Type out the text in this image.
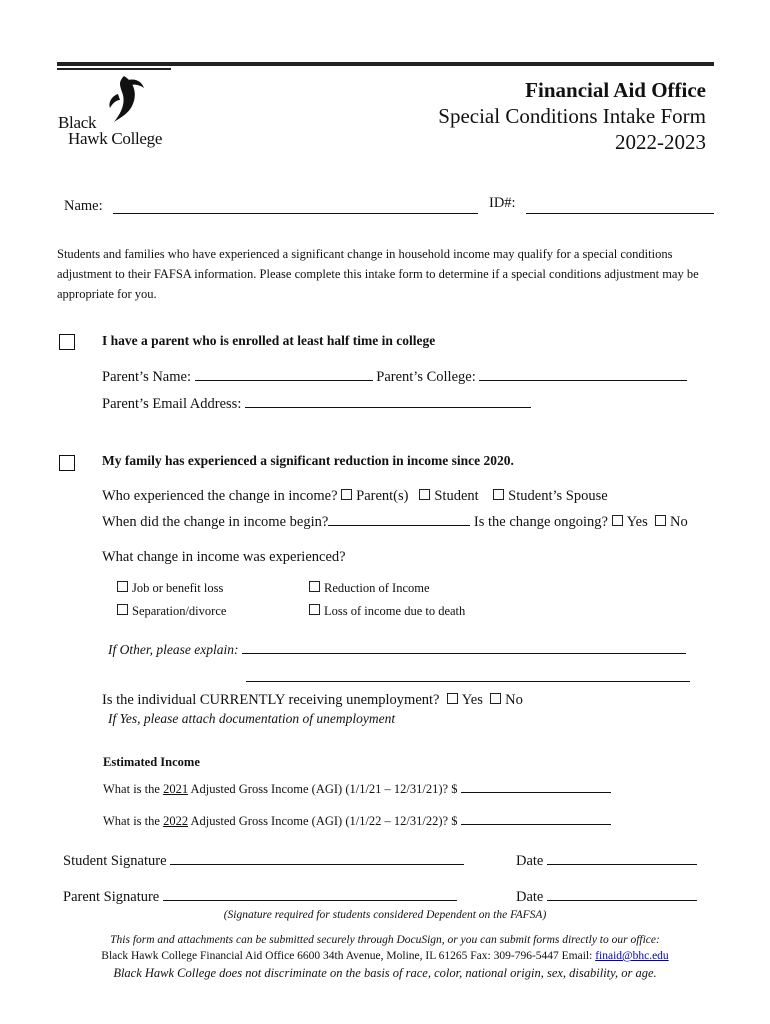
Black
Hawk College
Financial Aid Office
Special Conditions Intake Form
2022-2023
Name:	ID#:
Students and families who have experienced a significant change in household income may qualify for a special conditions adjustment to their FAFSA information. Please complete this intake form to determine if a special conditions adjustment may be appropriate for you.
I have a parent who is enrolled at least half time in college
Parent’s Name:	Parent’s College:
Parent’s Email Address:
My family has experienced a significant reduction in income since 2020.
Who experienced the change in income? Parent(s) Student Student’s Spouse
When did the change in income begin?	Is the change ongoing? Yes No
What change in income was experienced?
Job or benefit loss	Reduction of Income
Separation/divorce	Loss of income due to death
If Other, please explain:
Is the individual CURRENTLY receiving unemployment? Yes No
If Yes, please attach documentation of unemployment
Estimated Income
What is the 2021 Adjusted Gross Income (AGI) (1/1/21 – 12/31/21)? $
What is the 2022 Adjusted Gross Income (AGI) (1/1/22 – 12/31/22)? $
Student Signature	Date
Parent Signature	Date
(Signature required for students considered Dependent on the FAFSA)
This form and attachments can be submitted securely through DocuSign, or you can submit forms directly to our office:
Black Hawk College Financial Aid Office 6600 34th Avenue, Moline, IL 61265 Fax: 309-796-5447 Email: finaid@bhc.edu
Black Hawk College does not discriminate on the basis of race, color, national origin, sex, disability, or age.
